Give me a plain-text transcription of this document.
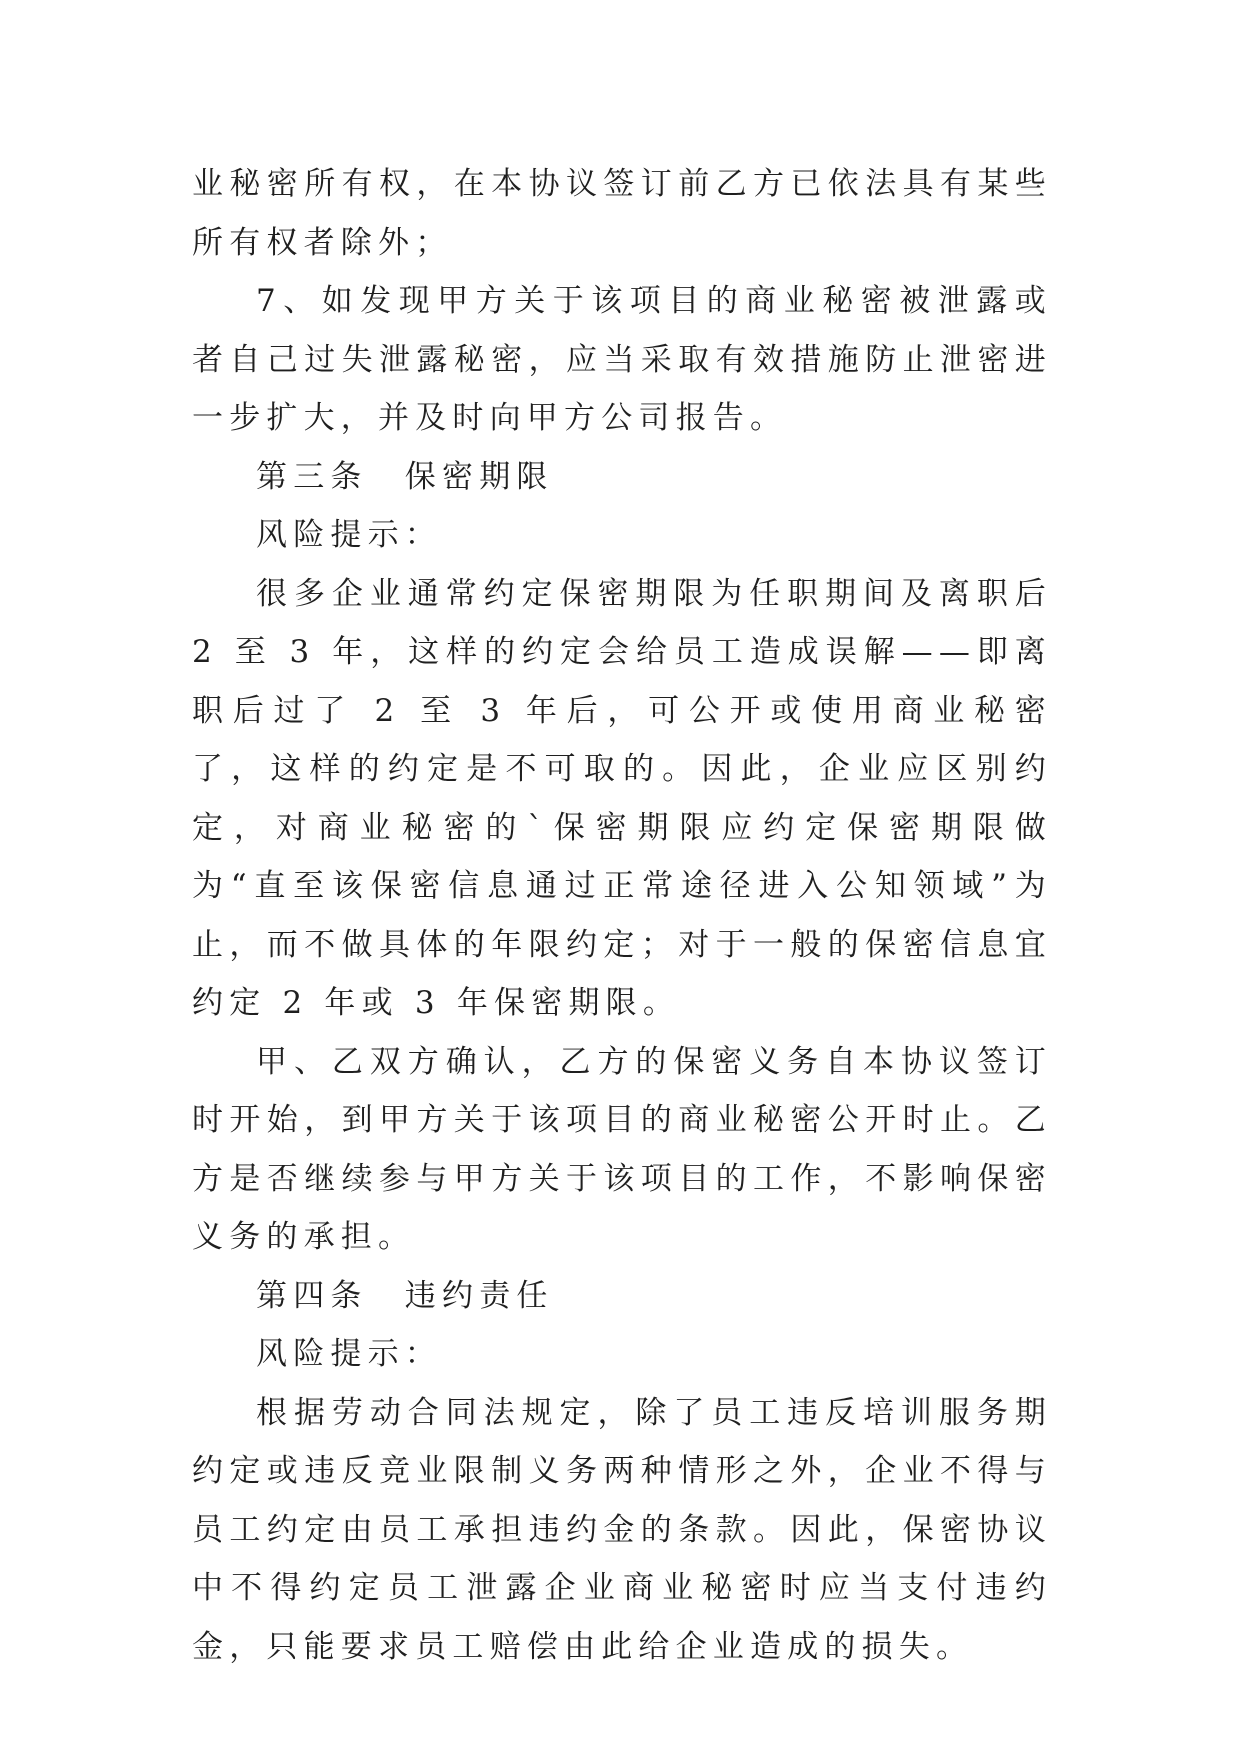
业秘密所有权，在本协议签订前乙方已依法具有某些所有权者除外；

7、如发现甲方关于该项目的商业秘密被泄露或者自己过失泄露秘密，应当采取有效措施防止泄密进一步扩大，并及时向甲方公司报告。

第三条　保密期限

风险提示：

很多企业通常约定保密期限为任职期间及离职后 2 至 3 年，这样的约定会给员工造成误解——即离职后过了 2 至 3 年后，可公开或使用商业秘密了，这样的约定是不可取的。因此，企业应区别约定，对商业秘密的`保密期限应约定保密期限做为“直至该保密信息通过正常途径进入公知领域”为止，而不做具体的年限约定；对于一般的保密信息宜约定 2 年或 3 年保密期限。

甲、乙双方确认，乙方的保密义务自本协议签订时开始，到甲方关于该项目的商业秘密公开时止。乙方是否继续参与甲方关于该项目的工作，不影响保密义务的承担。

第四条　违约责任

风险提示：

根据劳动合同法规定，除了员工违反培训服务期约定或违反竞业限制义务两种情形之外，企业不得与员工约定由员工承担违约金的条款。因此，保密协议中不得约定员工泄露企业商业秘密时应当支付违约金，只能要求员工赔偿由此给企业造成的损失。
